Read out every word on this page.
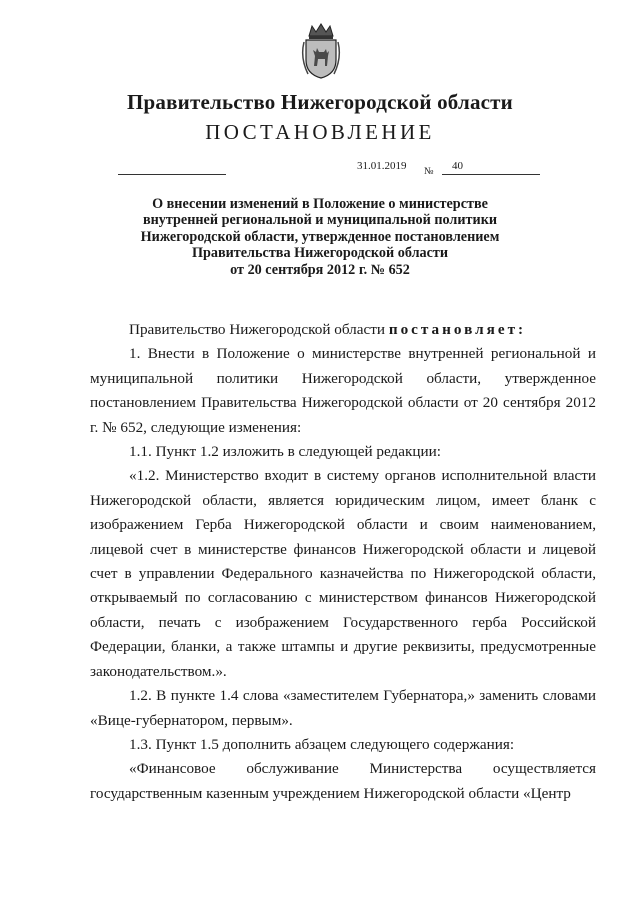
Правительство Нижегородской области
ПОСТАНОВЛЕНИЕ
31.01.2019 № 40
О внесении изменений в Положение о министерстве
внутренней региональной и муниципальной политики
Нижегородской области, утвержденное постановлением
Правительства Нижегородской области
от 20 сентября 2012 г. № 652

Правительство Нижегородской области постановляет:

1. Внести в Положение о министерстве внутренней региональной и муниципальной политики Нижегородской области, утвержденное постановлением Правительства Нижегородской области от 20 сентября 2012 г. № 652, следующие изменения:

1.1. Пункт 1.2 изложить в следующей редакции:

«1.2. Министерство входит в систему органов исполнительной власти Нижегородской области, является юридическим лицом, имеет бланк с изображением Герба Нижегородской области и своим наименованием, лицевой счет в министерстве финансов Нижегородской области и лицевой счет в управлении Федерального казначейства по Нижегородской области, открываемый по согласованию с министерством финансов Нижегородской области, печать с изображением Государственного герба Российской Федерации, бланки, а также штампы и другие реквизиты, предусмотренные законодательством.».

1.2. В пункте 1.4 слова «заместителем Губернатора,» заменить словами «Вице-губернатором, первым».

1.3. Пункт 1.5 дополнить абзацем следующего содержания:

«Финансовое обслуживание Министерства осуществляется государственным казенным учреждением Нижегородской области «Центр
